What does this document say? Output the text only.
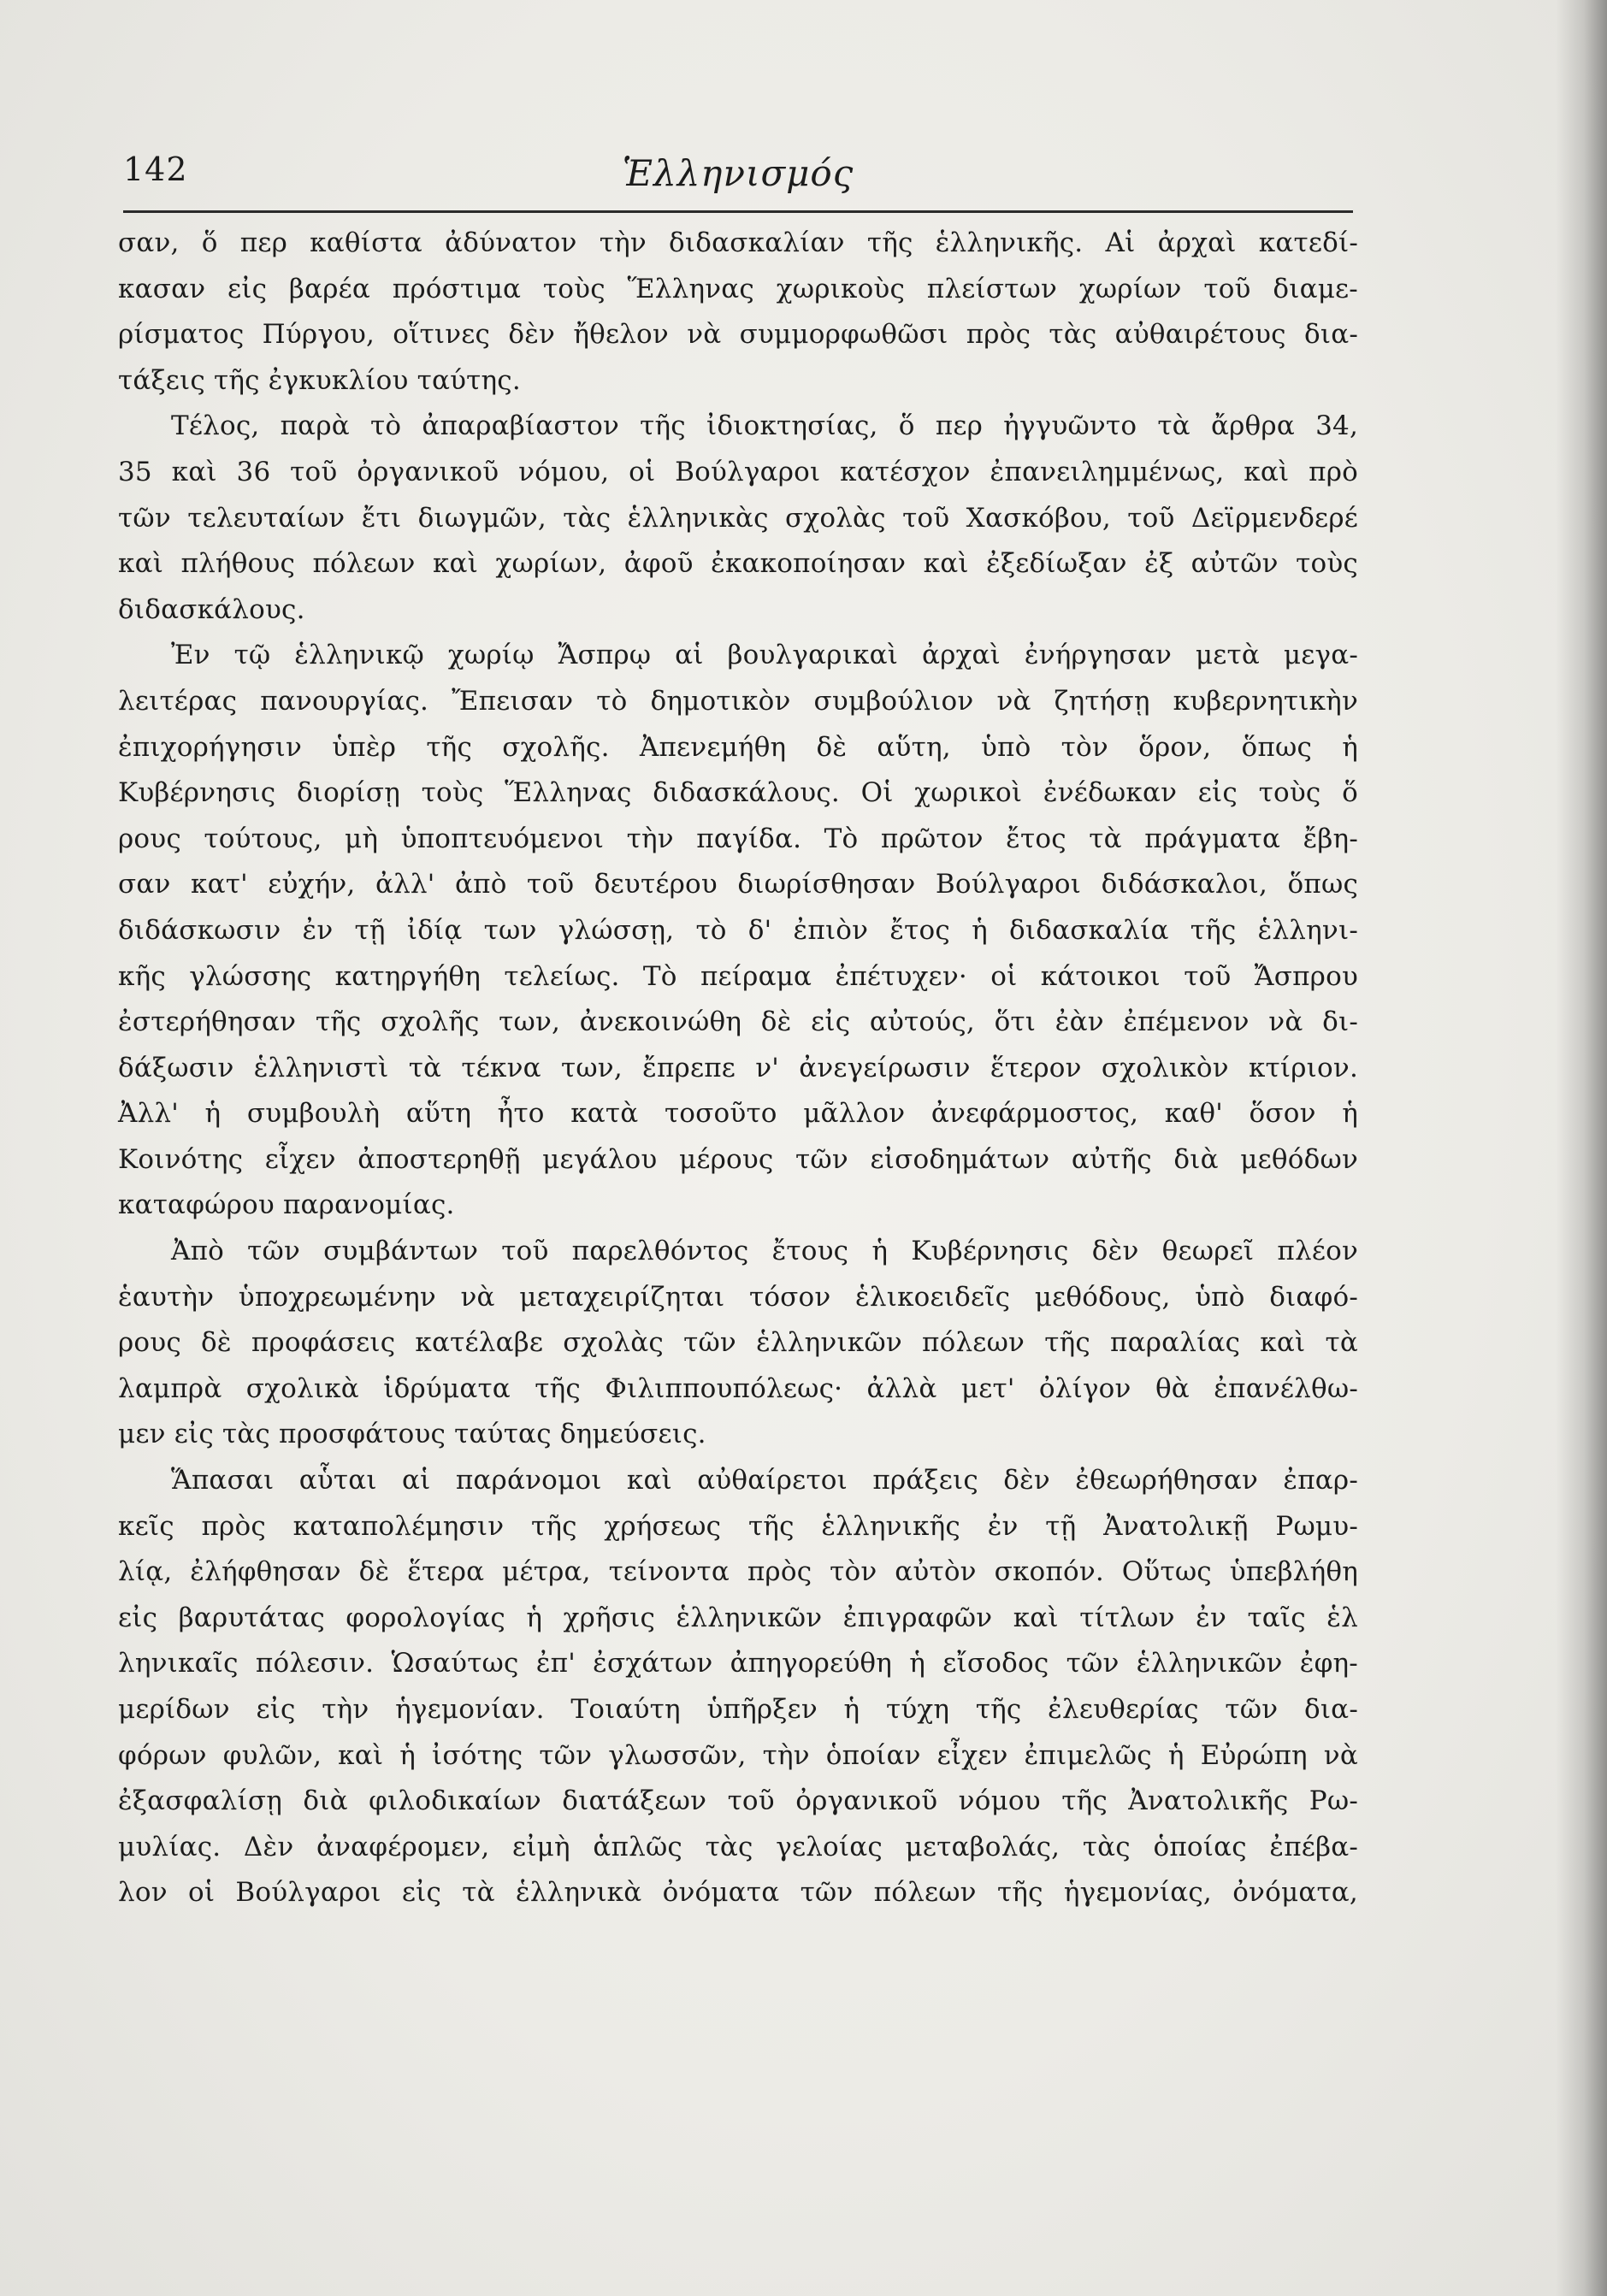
142	Ἑλληνισμός
σαν, ὅ περ καθίστα ἀδύνατον τὴν διδασκαλίαν τῆς ἑλληνικῆς. Αἱ ἀρχαὶ κατεδί-
κασαν εἰς βαρέα πρόστιμα τοὺς Ἕλληνας χωρικοὺς πλείστων χωρίων τοῦ διαμε-
ρίσματος Πύργου, οἵτινες δὲν ἤθελον νὰ συμμορφωθῶσι πρὸς τὰς αὐθαιρέτους δια-
τάξεις τῆς ἐγκυκλίου ταύτης.
Τέλος, παρὰ τὸ ἀπαραβίαστον τῆς ἰδιοκτησίας, ὅ περ ἠγγυῶντο τὰ ἄρθρα 34,
35 καὶ 36 τοῦ ὀργανικοῦ νόμου, οἱ Βούλγαροι κατέσχον ἐπανειλημμένως, καὶ πρὸ
τῶν τελευταίων ἔτι διωγμῶν, τὰς ἑλληνικὰς σχολὰς τοῦ Χασκόβου, τοῦ Δεϊρμενδερέ
καὶ πλήθους πόλεων καὶ χωρίων, ἀφοῦ ἐκακοποίησαν καὶ ἐξεδίωξαν ἐξ αὐτῶν τοὺς
διδασκάλους.
Ἐν τῷ ἑλληνικῷ χωρίῳ Ἄσπρῳ αἱ βουλγαρικαὶ ἀρχαὶ ἐνήργησαν μετὰ μεγα-
λειτέρας πανουργίας. Ἔπεισαν τὸ δημοτικὸν συμβούλιον νὰ ζητήσῃ κυβερνητικὴν
ἐπιχορήγησιν ὑπὲρ τῆς σχολῆς. Ἀπενεμήθη δὲ αὕτη, ὑπὸ τὸν ὅρον, ὅπως ἡ
Κυβέρνησις διορίσῃ τοὺς Ἕλληνας διδασκάλους. Οἱ χωρικοὶ ἐνέδωκαν εἰς τοὺς ὅ
ρους τούτους, μὴ ὑποπτευόμενοι τὴν παγίδα. Τὸ πρῶτον ἔτος τὰ πράγματα ἔβη-
σαν κατ' εὐχήν, ἀλλ' ἀπὸ τοῦ δευτέρου διωρίσθησαν Βούλγαροι διδάσκαλοι, ὅπως
διδάσκωσιν ἐν τῇ ἰδίᾳ των γλώσσῃ, τὸ δ' ἐπιὸν ἔτος ἡ διδασκαλία τῆς ἑλληνι-
κῆς γλώσσης κατηργήθη τελείως. Τὸ πείραμα ἐπέτυχεν· οἱ κάτοικοι τοῦ Ἄσπρου
ἐστερήθησαν τῆς σχολῆς των, ἀνεκοινώθη δὲ εἰς αὐτούς, ὅτι ἐὰν ἐπέμενον νὰ δι-
δάξωσιν ἑλληνιστὶ τὰ τέκνα των, ἔπρεπε ν' ἀνεγείρωσιν ἕτερον σχολικὸν κτίριον.
Ἀλλ' ἡ συμβουλὴ αὕτη ἦτο κατὰ τοσοῦτο μᾶλλον ἀνεφάρμοστος, καθ' ὅσον ἡ
Κοινότης εἶχεν ἀποστερηθῇ μεγάλου μέρους τῶν εἰσοδημάτων αὐτῆς διὰ μεθόδων
καταφώρου παρανομίας.
Ἀπὸ τῶν συμβάντων τοῦ παρελθόντος ἔτους ἡ Κυβέρνησις δὲν θεωρεῖ πλέον
ἑαυτὴν ὑποχρεωμένην νὰ μεταχειρίζηται τόσον ἑλικοειδεῖς μεθόδους, ὑπὸ διαφό-
ρους δὲ προφάσεις κατέλαβε σχολὰς τῶν ἑλληνικῶν πόλεων τῆς παραλίας καὶ τὰ
λαμπρὰ σχολικὰ ἱδρύματα τῆς Φιλιππουπόλεως· ἀλλὰ μετ' ὀλίγον θὰ ἐπανέλθω-
μεν εἰς τὰς προσφάτους ταύτας δημεύσεις.
Ἅπασαι αὗται αἱ παράνομοι καὶ αὐθαίρετοι πράξεις δὲν ἐθεωρήθησαν ἐπαρ-
κεῖς πρὸς καταπολέμησιν τῆς χρήσεως τῆς ἑλληνικῆς ἐν τῇ Ἀνατολικῇ Ρωμυ-
λίᾳ, ἐλήφθησαν δὲ ἕτερα μέτρα, τείνοντα πρὸς τὸν αὐτὸν σκοπόν. Οὕτως ὑπεβλήθη
εἰς βαρυτάτας φορολογίας ἡ χρῆσις ἑλληνικῶν ἐπιγραφῶν καὶ τίτλων ἐν ταῖς ἑλ
ληνικαῖς πόλεσιν. Ὡσαύτως ἐπ' ἐσχάτων ἀπηγορεύθη ἡ εἴσοδος τῶν ἑλληνικῶν ἐφη-
μερίδων εἰς τὴν ἡγεμονίαν. Τοιαύτη ὑπῆρξεν ἡ τύχη τῆς ἐλευθερίας τῶν δια-
φόρων φυλῶν, καὶ ἡ ἰσότης τῶν γλωσσῶν, τὴν ὁποίαν εἶχεν ἐπιμελῶς ἡ Εὐρώπη νὰ
ἐξασφαλίσῃ διὰ φιλοδικαίων διατάξεων τοῦ ὀργανικοῦ νόμου τῆς Ἀνατολικῆς Ρω-
μυλίας. Δὲν ἀναφέρομεν, εἰμὴ ἁπλῶς τὰς γελοίας μεταβολάς, τὰς ὁποίας ἐπέβα-
λον οἱ Βούλγαροι εἰς τὰ ἑλληνικὰ ὀνόματα τῶν πόλεων τῆς ἡγεμονίας, ὀνόματα,
